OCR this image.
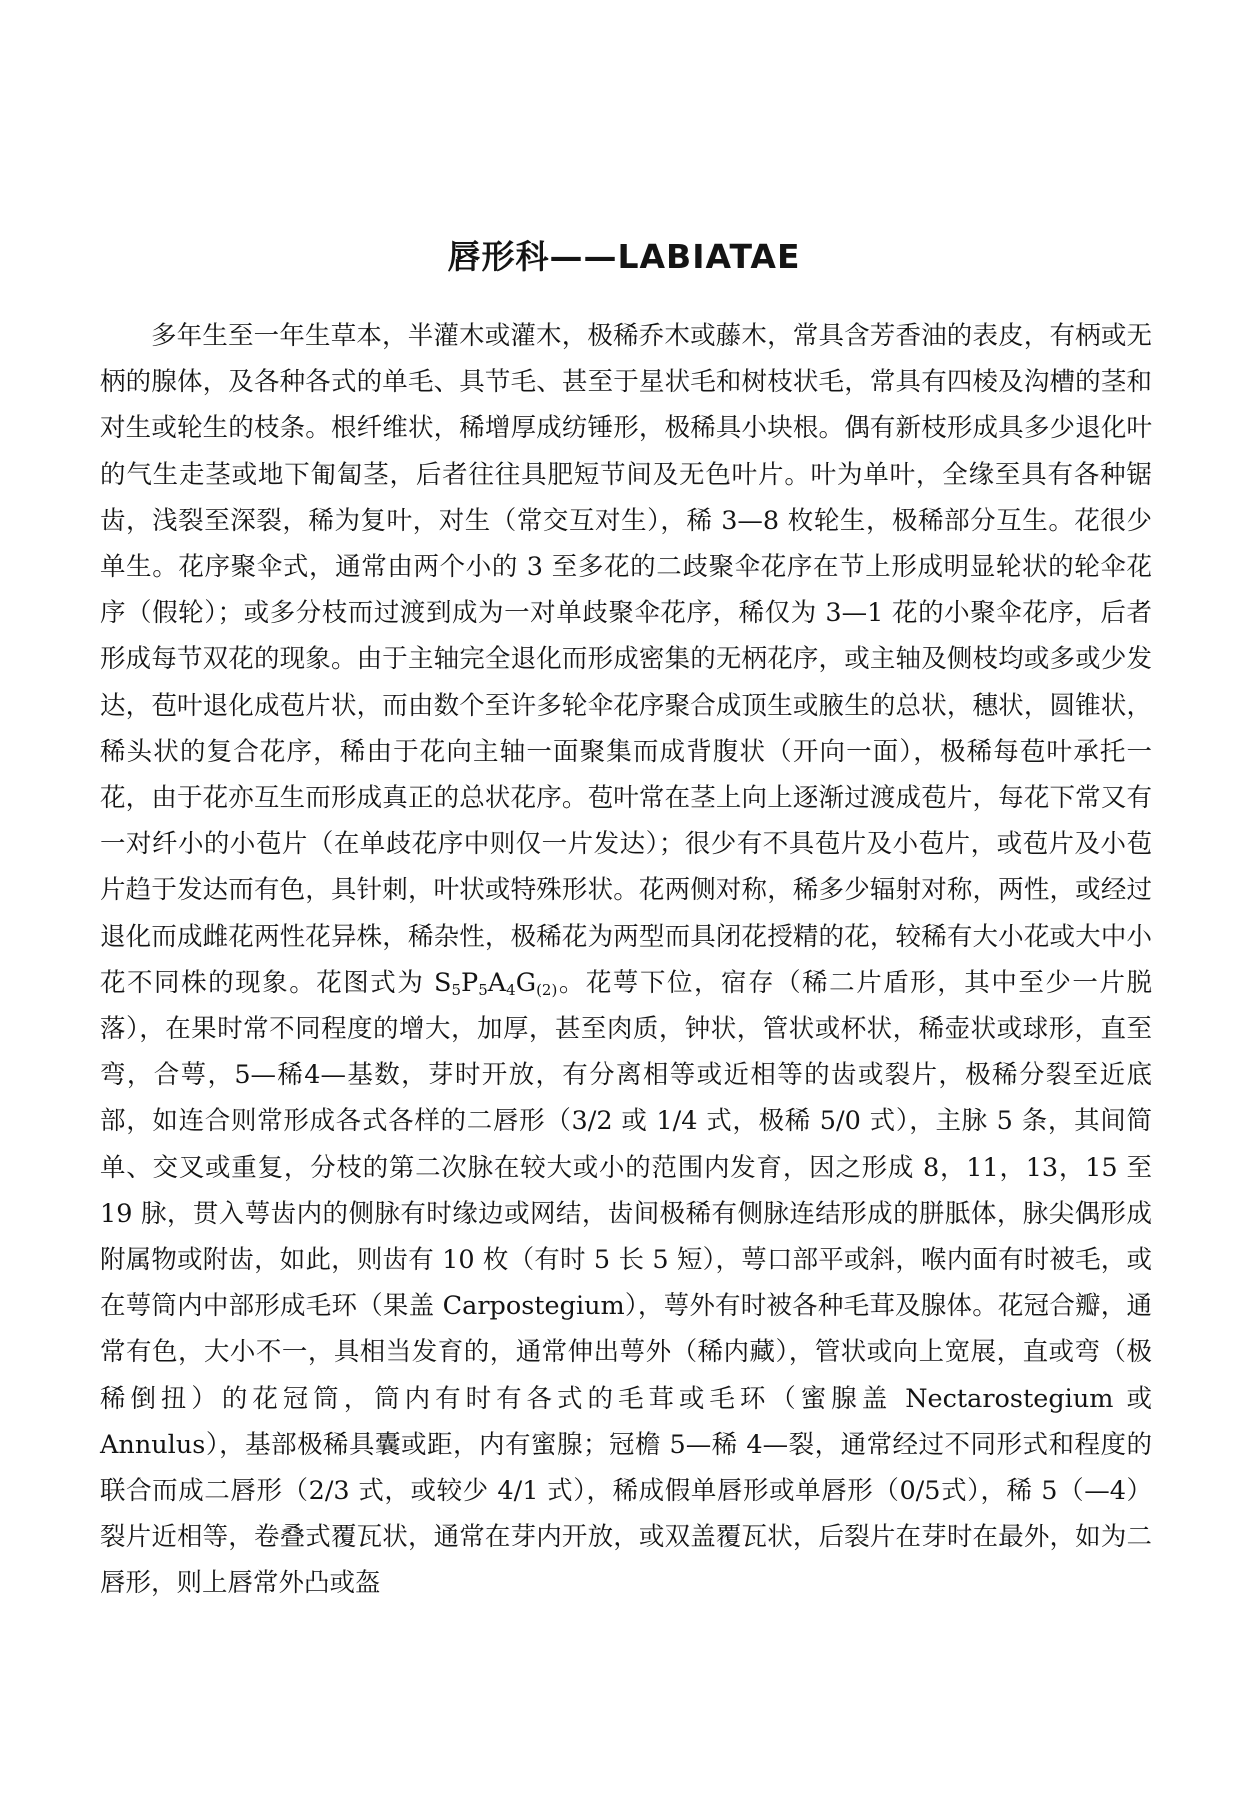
唇形科——LABIATAE

多年生至一年生草本，半灌木或灌木，极稀乔木或藤木，常具含芳香油的表皮，有柄或无柄的腺体，及各种各式的单毛、具节毛、甚至于星状毛和树枝状毛，常具有四棱及沟槽的茎和对生或轮生的枝条。根纤维状，稀增厚成纺锤形，极稀具小块根。偶有新枝形成具多少退化叶的气生走茎或地下匍匐茎，后者往往具肥短节间及无色叶片。叶为单叶，全缘至具有各种锯齿，浅裂至深裂，稀为复叶，对生（常交互对生），稀 3—8 枚轮生，极稀部分互生。花很少单生。花序聚伞式，通常由两个小的 3 至多花的二歧聚伞花序在节上形成明显轮状的轮伞花序（假轮）；或多分枝而过渡到成为一对单歧聚伞花序，稀仅为 3—1 花的小聚伞花序，后者形成每节双花的现象。由于主轴完全退化而形成密集的无柄花序，或主轴及侧枝均或多或少发达，苞叶退化成苞片状，而由数个至许多轮伞花序聚合成顶生或腋生的总状，穗状，圆锥状，稀头状的复合花序，稀由于花向主轴一面聚集而成背腹状（开向一面），极稀每苞叶承托一花，由于花亦互生而形成真正的总状花序。苞叶常在茎上向上逐渐过渡成苞片，每花下常又有一对纤小的小苞片（在单歧花序中则仅一片发达）；很少有不具苞片及小苞片，或苞片及小苞片趋于发达而有色，具针刺，叶状或特殊形状。花两侧对称，稀多少辐射对称，两性，或经过退化而成雌花两性花异株，稀杂性，极稀花为两型而具闭花授精的花，较稀有大小花或大中小花不同株的现象。花图式为 $S_5P_5A_4G_{(2)}$。花萼下位，宿存（稀二片盾形，其中至少一片脱落），在果时常不同程度的增大，加厚，甚至肉质，钟状，管状或杯状，稀壶状或球形，直至弯，合萼，5—稀4—基数，芽时开放，有分离相等或近相等的齿或裂片，极稀分裂至近底部，如连合则常形成各式各样的二唇形（3/2 或 1/4 式，极稀 5/0 式），主脉 5 条，其间简单、交叉或重复，分枝的第二次脉在较大或小的范围内发育，因之形成 8，11，13，15 至 19 脉，贯入萼齿内的侧脉有时缘边或网结，齿间极稀有侧脉连结形成的胼胝体，脉尖偶形成附属物或附齿，如此，则齿有 10 枚（有时 5 长 5 短），萼口部平或斜，喉内面有时被毛，或在萼筒内中部形成毛环（果盖 Carpostegium），萼外有时被各种毛茸及腺体。花冠合瓣，通常有色，大小不一，具相当发育的，通常伸出萼外（稀内藏），管状或向上宽展，直或弯（极稀倒扭）的花冠筒，筒内有时有各式的毛茸或毛环（蜜腺盖 Nectarostegium 或 Annulus），基部极稀具囊或距，内有蜜腺；冠檐 5—稀 4—裂，通常经过不同形式和程度的联合而成二唇形（2/3 式，或较少 4/1 式），稀成假单唇形或单唇形（0/5式），稀 5（—4）裂片近相等，卷叠式覆瓦状，通常在芽内开放，或双盖覆瓦状，后裂片在芽时在最外，如为二唇形，则上唇常外凸或盔
